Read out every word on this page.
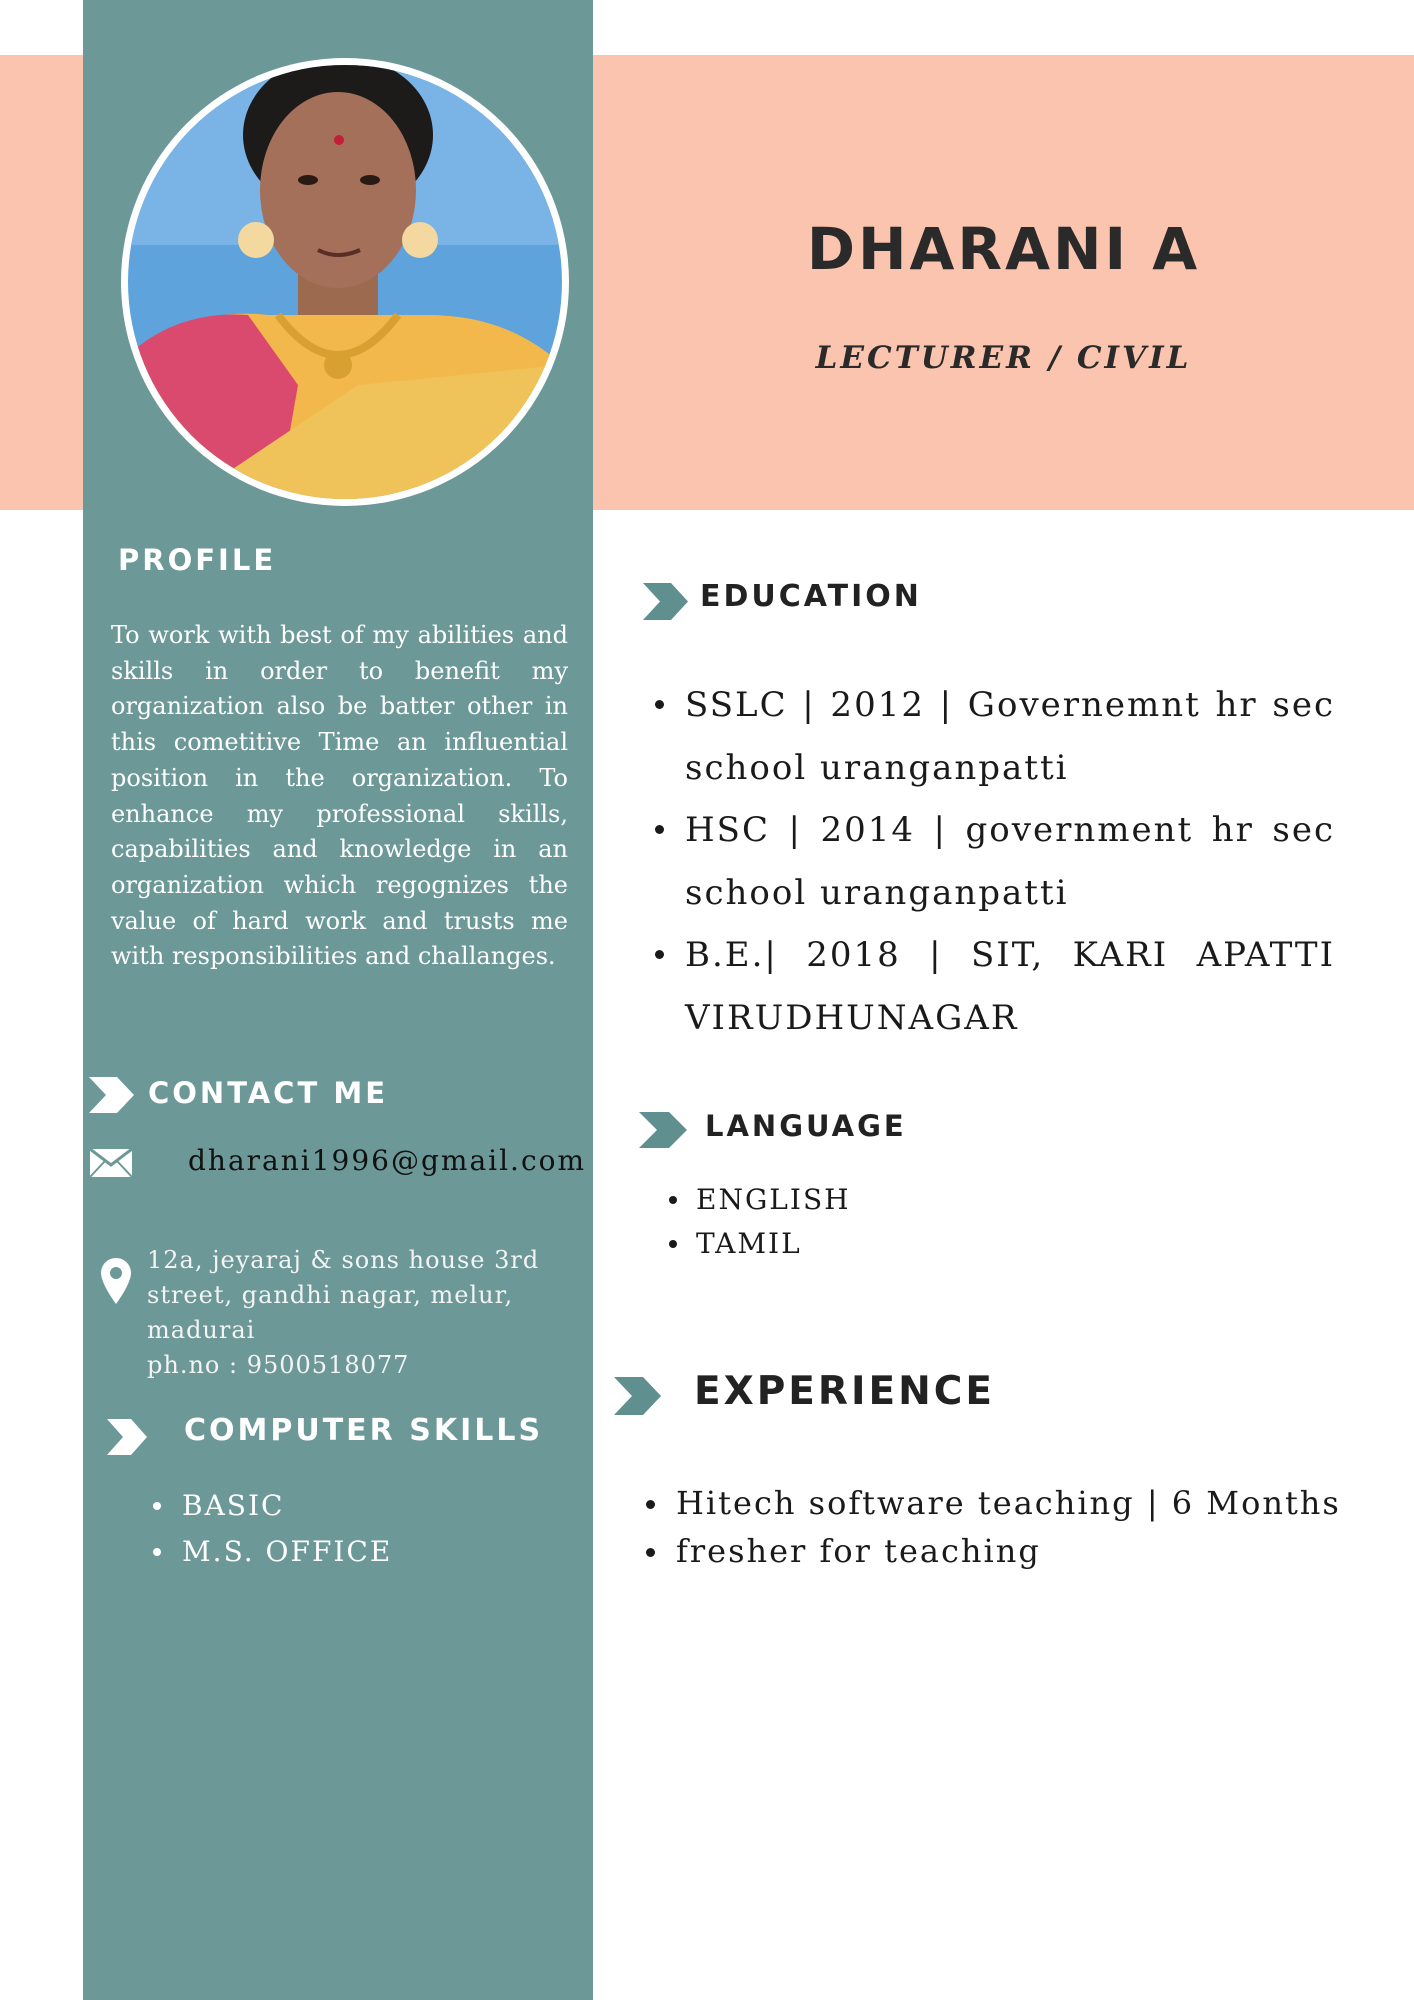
DHARANI A
LECTURER / CIVIL
PROFILE
To work with best of my abilities and skills in order to benefit my organization also be batter other in this cometitive Time an influential position in the organization. To enhance my professional skills, capabilities and knowledge in an organization which regognizes the value of hard work and trusts me with responsibilities and challanges.
CONTACT ME
dharani1996@gmail.com
12a, jeyaraj & sons house 3rd
street, gandhi nagar, melur,
madurai
ph.no : 9500518077
COMPUTER SKILLS
BASIC
M.S. OFFICE
EDUCATION
SSLC | 2012 | Governemnt hr sec
school uranganpatti
HSC | 2014 | government hr sec
school uranganpatti
B.E.| 2018 | SIT, KARI APATTI
VIRUDHUNAGAR
LANGUAGE
ENGLISH
TAMIL
EXPERIENCE
Hitech software teaching | 6 Months
fresher for teaching
